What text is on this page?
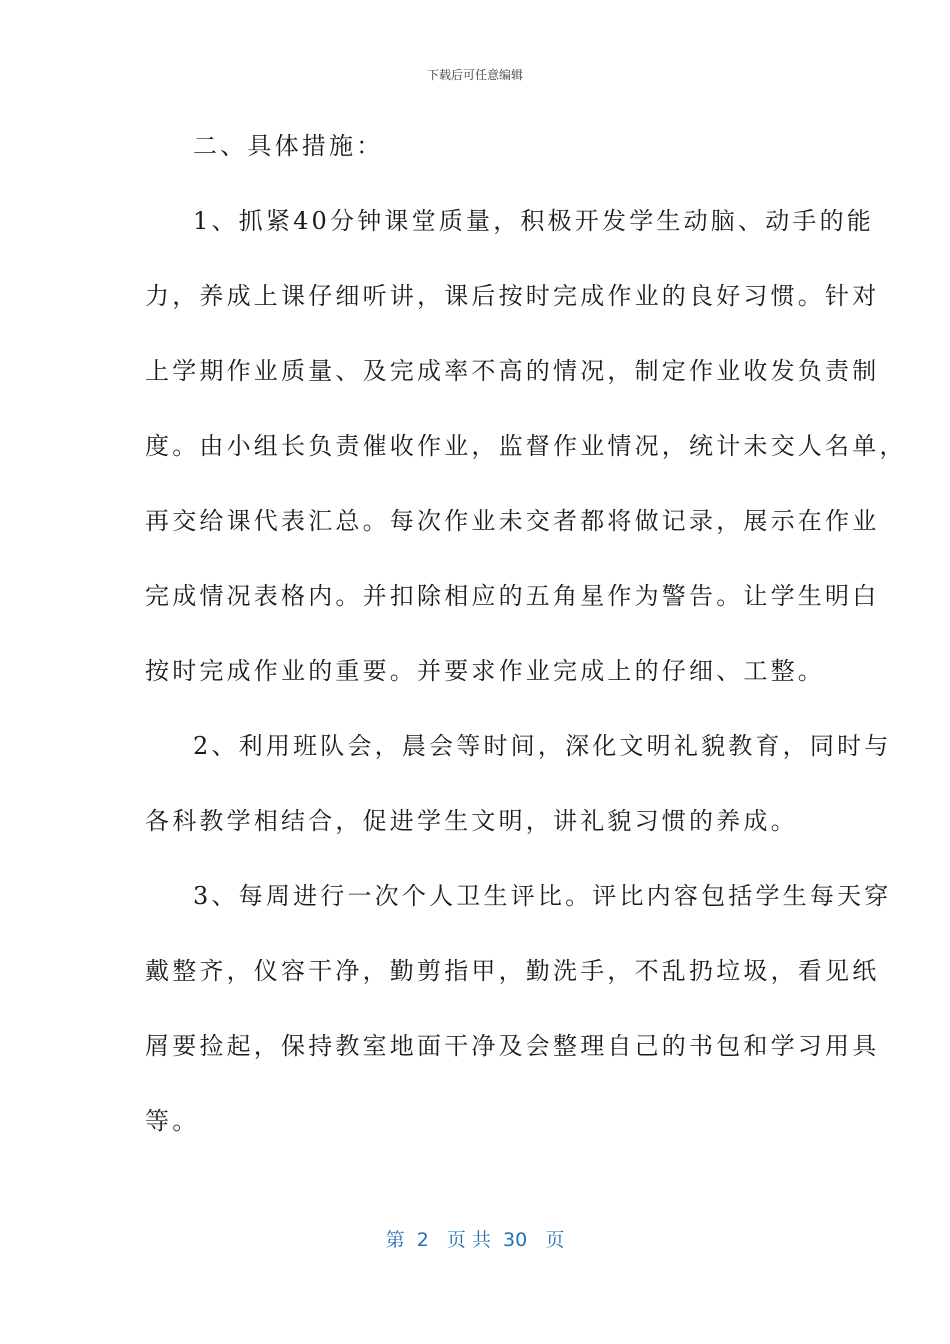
下载后可任意编辑
二、具体措施：
1、抓紧40分钟课堂质量，积极开发学生动脑、动手的能
力，养成上课仔细听讲，课后按时完成作业的良好习惯。针对
上学期作业质量、及完成率不高的情况，制定作业收发负责制
度。由小组长负责催收作业，监督作业情况，统计未交人名单，
再交给课代表汇总。每次作业未交者都将做记录，展示在作业
完成情况表格内。并扣除相应的五角星作为警告。让学生明白
按时完成作业的重要。并要求作业完成上的仔细、工整。
2、利用班队会，晨会等时间，深化文明礼貌教育，同时与
各科教学相结合，促进学生文明，讲礼貌习惯的养成。
3、每周进行一次个人卫生评比。评比内容包括学生每天穿
戴整齐，仪容干净，勤剪指甲，勤洗手，不乱扔垃圾，看见纸
屑要捡起，保持教室地面干净及会整理自己的书包和学习用具
等。
第  2   页 共  30   页
